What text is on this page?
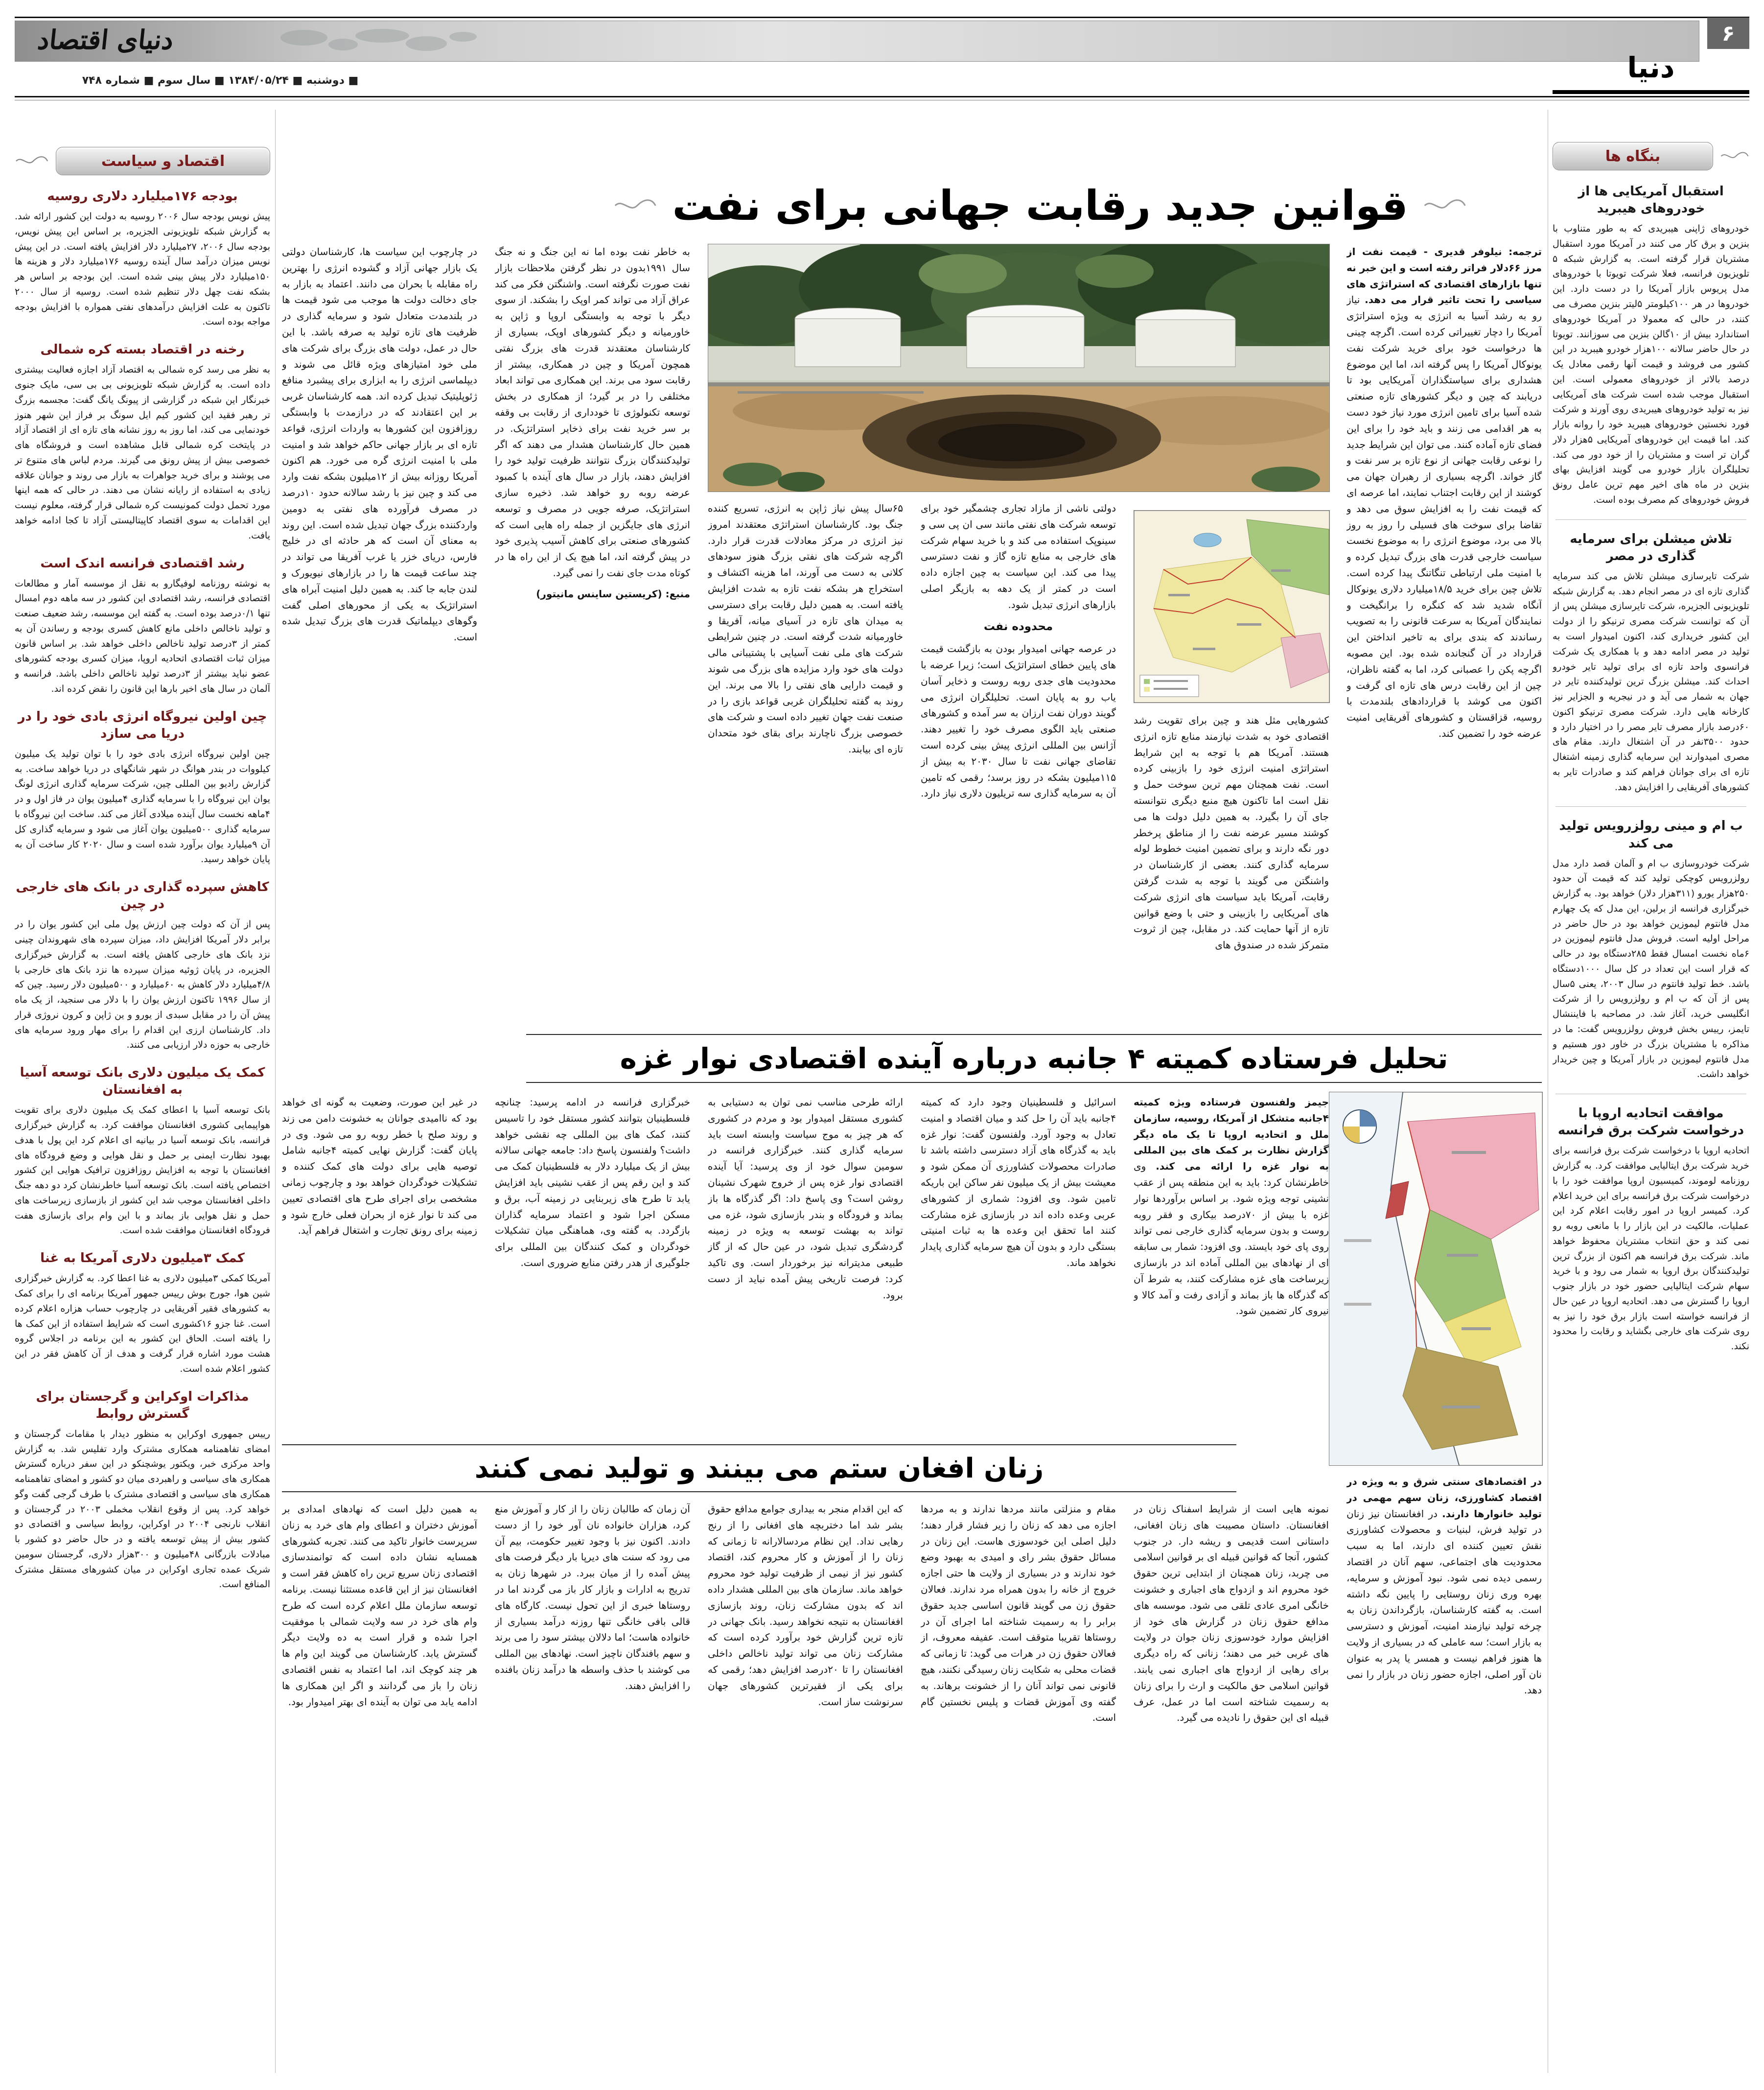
دنیای اقتصاد	۶
دنیا
■ دوشنبه ■ ۱۳۸۴/۰۵/۲۴ ■ سال سوم ■ شماره ۷۴۸
اقتصاد و سیاست
بودجه ۱۷۶میلیارد دلاری روسیه
پیش نویس بودجه سال ۲۰۰۶ روسیه به دولت این کشور ارائه شد. به گزارش شبکه تلویزیونی الجزیره، بر اساس این پیش نویس، بودجه سال ۲۰۰۶، ۲۷میلیارد دلار افزایش یافته است. در این پیش نویس میزان درآمد سال آینده روسیه ۱۷۶میلیارد دلار و هزینه ها ۱۵۰میلیارد دلار پیش بینی شده است. این بودجه بر اساس هر بشکه نفت چهل دلار تنظیم شده است. روسیه از سال ۲۰۰۰ تاکنون به علت افزایش درآمدهای نفتی همواره با افزایش بودجه مواجه بوده است.
رخنه در اقتصاد بسته کره شمالی
به نظر می رسد کره شمالی به اقتصاد آزاد اجازه فعالیت بیشتری داده است. به گزارش شبکه تلویزیونی بی بی سی، مایک جنوی خبرنگار این شبکه در گزارشی از پیونگ یانگ گفت: مجسمه بزرگ تر رهبر فقید این کشور کیم ایل سونگ بر فراز این شهر هنوز خودنمایی می کند، اما روز به روز نشانه های تازه ای از اقتصاد آزاد در پایتخت کره شمالی قابل مشاهده است و فروشگاه های خصوصی بیش از پیش رونق می گیرند. مردم لباس های متنوع تر می پوشند و برای خرید جواهرات به بازار می روند و جوانان علاقه زیادی به استفاده از رایانه نشان می دهند. در حالی که همه اینها مورد تحمل دولت کمونیست کره شمالی قرار گرفته، معلوم نیست این اقدامات به سوی اقتصاد کاپیتالیستی آزاد تا کجا ادامه خواهد یافت.
رشد اقتصادی فرانسه اندک است
به نوشته روزنامه لوفیگارو به نقل از موسسه آمار و مطالعات اقتصادی فرانسه، رشد اقتصادی این کشور در سه ماهه دوم امسال تنها ۰/۱درصد بوده است. به گفته این موسسه، رشد ضعیف صنعت و تولید ناخالص داخلی مانع کاهش کسری بودجه و رساندن آن به کمتر از ۳درصد تولید ناخالص داخلی خواهد شد. بر اساس قانون میزان ثبات اقتصادی اتحادیه اروپا، میزان کسری بودجه کشورهای عضو نباید بیشتر از ۳درصد تولید ناخالص داخلی باشد. فرانسه و آلمان در سال های اخیر بارها این قانون را نقض کرده اند.
چین اولین نیروگاه انرژی بادی خود را در دریا می سازد
چین اولین نیروگاه انرژی بادی خود را با توان تولید یک میلیون کیلووات در بندر هوانگ در شهر شانگهای در دریا خواهد ساخت. به گزارش رادیو بین المللی چین، شرکت سرمایه گذاری انرژی لونگ یوان این نیروگاه را با سرمایه گذاری ۴میلیون یوان در فاز اول و در ۴ماهه نخست سال آینده میلادی آغاز می کند. ساخت این نیروگاه با سرمایه گذاری ۵۰۰میلیون یوان آغاز می شود و سرمایه گذاری کل آن ۹میلیارد یوان برآورد شده است و سال ۲۰۲۰ کار ساخت آن به پایان خواهد رسید.
کاهش سپرده گذاری در بانک های خارجی در چین
پس از آن که دولت چین ارزش پول ملی این کشور یوان را در برابر دلار آمریکا افزایش داد، میزان سپرده های شهروندان چینی نزد بانک های خارجی کاهش یافته است. به گزارش خبرگزاری الجزیره، در پایان ژوئیه میزان سپرده ها نزد بانک های خارجی با ۴/۸میلیارد دلار کاهش به ۶۰میلیارد و ۵۰۰میلیون دلار رسید. چین که از سال ۱۹۹۶ تاکنون ارزش یوان را با دلار می سنجید، از یک ماه پیش آن را در مقابل سبدی از یورو و ین ژاپن و کرون نروژی قرار داد. کارشناسان ارزی این اقدام را برای مهار ورود سرمایه های خارجی به حوزه دلار ارزیابی می کنند.
کمک یک میلیون دلاری بانک توسعه آسیا به افغانستان
بانک توسعه آسیا با اعطای کمک یک میلیون دلاری برای تقویت هواپیمایی کشوری افغانستان موافقت کرد. به گزارش خبرگزاری فرانسه، بانک توسعه آسیا در بیانیه ای اعلام کرد این پول با هدف بهبود نظارت ایمنی بر حمل و نقل هوایی و وضع فرودگاه های افغانستان با توجه به افزایش روزافزون ترافیک هوایی این کشور اختصاص یافته است. بانک توسعه آسیا خاطرنشان کرد دو دهه جنگ داخلی افغانستان موجب شد این کشور از بازسازی زیرساخت های حمل و نقل هوایی باز بماند و با این وام برای بازسازی هفت فرودگاه افغانستان موافقت شده است.
کمک ۳میلیون دلاری آمریکا به غنا
آمریکا کمکی ۳میلیون دلاری به غنا اعطا کرد. به گزارش خبرگزاری شین هوا، جورج بوش رییس جمهور آمریکا برنامه ای را برای کمک به کشورهای فقیر آفریقایی در چارچوب حساب هزاره اعلام کرده است. غنا جزو ۱۶کشوری است که شرایط استفاده از این کمک ها را یافته است. الحاق این کشور به این برنامه در اجلاس گروه هشت مورد اشاره قرار گرفت و هدف از آن کاهش فقر در این کشور اعلام شده است.
مذاکرات اوکراین و گرجستان برای گسترش روابط
رییس جمهوری اوکراین به منظور دیدار با مقامات گرجستان و امضای تفاهمنامه همکاری مشترک وارد تفلیس شد. به گزارش واحد مرکزی خبر، ویکتور یوشچنکو در این سفر درباره گسترش همکاری های سیاسی و راهبردی میان دو کشور و امضای تفاهمنامه همکاری های سیاسی و اقتصادی مشترک با طرف گرجی گفت وگو خواهد کرد. پس از وقوع انقلاب مخملی ۲۰۰۳ در گرجستان و انقلاب نارنجی ۲۰۰۴ در اوکراین، روابط سیاسی و اقتصادی دو کشور بیش از پیش توسعه یافته و در حال حاضر دو کشور با مبادلات بازرگانی ۴۸میلیون و ۳۰۰هزار دلاری، گرجستان سومین شریک عمده تجاری اوکراین در میان کشورهای مستقل مشترک المنافع است.
بنگاه ها
استقبال آمریکایی ها از خودروهای هیبرید
خودروهای ژاپنی هیبریدی که به طور متناوب با بنزین و برق کار می کنند در آمریکا مورد استقبال مشتریان قرار گرفته است. به گزارش شبکه ۵ تلویزیون فرانسه، فعلا شرکت تویوتا با خودروهای مدل پریوس بازار آمریکا را در دست دارد. این خودروها در هر ۱۰۰کیلومتر ۵لیتر بنزین مصرف می کنند، در حالی که معمولا در آمریکا خودروهای استاندارد بیش از ۱۰گالن بنزین می سوزانند. تویوتا در حال حاضر سالانه ۱۰۰هزار خودرو هیبرید در این کشور می فروشد و قیمت آنها رقمی معادل یک درصد بالاتر از خودروهای معمولی است. این استقبال موجب شده است شرکت های آمریکایی نیز به تولید خودروهای هیبریدی روی آورند و شرکت فورد نخستین خودروهای هیبرید خود را روانه بازار کند. اما قیمت این خودروهای آمریکایی ۵هزار دلار گران تر است و مشتریان را از خود دور می کند. تحلیلگران بازار خودرو می گویند افزایش بهای بنزین در ماه های اخیر مهم ترین عامل رونق فروش خودروهای کم مصرف بوده است.
تلاش میشلن برای سرمایه گذاری در مصر
شرکت تایرسازی میشلن تلاش می کند سرمایه گذاری تازه ای در مصر انجام دهد. به گزارش شبکه تلویزیونی الجزیره، شرکت تایرسازی میشلن پس از آن که توانست شرکت مصری ترنیکو را از دولت این کشور خریداری کند، اکنون امیدوار است به تولید در مصر ادامه دهد و با همکاری یک شرکت فرانسوی واحد تازه ای برای تولید تایر خودرو احداث کند. میشلن بزرگ ترین تولیدکننده تایر در جهان به شمار می آید و در نیجریه و الجزایر نیز کارخانه هایی دارد. شرکت مصری ترنیکو اکنون ۶۰درصد بازار مصرف تایر مصر را در اختیار دارد و حدود ۳۵۰۰نفر در آن اشتغال دارند. مقام های مصری امیدوارند این سرمایه گذاری زمینه اشتغال تازه ای برای جوانان فراهم کند و صادرات تایر به کشورهای آفریقایی را افزایش دهد.
ب ام و مینی رولزرویس تولید می کند
شرکت خودروسازی ب ام و آلمان قصد دارد مدل رولزرویس کوچکی تولید کند که قیمت آن حدود ۲۵۰هزار یورو (۳۱۱هزار دلار) خواهد بود. به گزارش خبرگزاری فرانسه از برلین، این مدل که یک چهارم مدل فانتوم لیموزین خواهد بود در حال حاضر در مراحل اولیه است. فروش مدل فانتوم لیموزین در ۶ماه نخست امسال فقط ۲۸۵دستگاه بود در حالی که قرار است این تعداد در کل سال ۱۰۰۰دستگاه باشد. خط تولید فانتوم در سال ۲۰۰۳، یعنی ۵سال پس از آن که ب ام و رولزرویس را از شرکت انگلیسی خرید، آغاز شد. در مصاحبه با فایننشال تایمز، رییس بخش فروش رولزرویس گفت: ما در مذاکره با مشتریان بزرگ در خاور دور هستیم و مدل فانتوم لیموزین در بازار آمریکا و چین خریدار خواهد داشت.
موافقت اتحادیه اروپا با درخواست شرکت برق فرانسه
اتحادیه اروپا با درخواست شرکت برق فرانسه برای خرید شرکت برق ایتالیایی موافقت کرد. به گزارش روزنامه لوموند، کمیسیون اروپا موافقت خود را با درخواست شرکت برق فرانسه برای این خرید اعلام کرد. کمیسر اروپا در امور رقابت اعلام کرد این عملیات، مالکیت در این بازار را با مانعی روبه رو نمی کند و حق انتخاب مشتریان محفوظ خواهد ماند. شرکت برق فرانسه هم اکنون از بزرگ ترین تولیدکنندگان برق اروپا به شمار می رود و با خرید سهام شرکت ایتالیایی حضور خود در بازار جنوب اروپا را گسترش می دهد. اتحادیه اروپا در عین حال از فرانسه خواسته است بازار برق خود را نیز به روی شرکت های خارجی بگشاید و رقابت را محدود نکند.
قوانین جدید رقابت جهانی برای نفت
ترجمه: نیلوفر قدیری - قیمت نفت از مرز ۶۶دلار فراتر رفته است و این خبر نه تنها بازارهای اقتصادی که استراتژی های سیاسی را تحت تاثیر قرار می دهد. نیاز رو به رشد آسیا به انرژی به ویژه استراتژی آمریکا را دچار تغییراتی کرده است. اگرچه چینی ها درخواست خود برای خرید شرکت نفت یونوکال آمریکا را پس گرفته اند، اما این موضوع هشداری برای سیاستگذاران آمریکایی بود تا دریابند که چین و دیگر کشورهای تازه صنعتی شده آسیا برای تامین انرژی مورد نیاز خود دست به هر اقدامی می زنند و باید خود را برای این فضای تازه آماده کنند. می توان این شرایط جدید را نوعی رقابت جهانی از نوع تازه بر سر نفت و گاز خواند. اگرچه بسیاری از رهبران جهان می کوشند از این رقابت اجتناب نمایند، اما عرصه ای که قیمت نفت را به افزایش سوق می دهد و تقاضا برای سوخت های فسیلی را روز به روز بالا می برد، موضوع انرژی را به موضوع نخست سیاست خارجی قدرت های بزرگ تبدیل کرده و با امنیت ملی ارتباطی تنگاتنگ پیدا کرده است. تلاش چین برای خرید ۱۸/۵میلیارد دلاری یونوکال آنگاه شدید شد که کنگره را برانگیخت و نمایندگان آمریکا به سرعت قانونی را به تصویب رساندند که بندی برای به تاخیر انداختن این قرارداد در آن گنجانده شده بود. این مصوبه اگرچه پکن را عصبانی کرد، اما به گفته ناظران، چین از این رقابت درس های تازه ای گرفت و اکنون می کوشد با قراردادهای بلندمدت با روسیه، قزاقستان و کشورهای آفریقایی امنیت عرضه خود را تضمین کند.

کشورهایی مثل هند و چین برای تقویت رشد اقتصادی خود به شدت نیازمند منابع تازه انرژی هستند. آمریکا هم با توجه به این شرایط استراتژی امنیت انرژی خود را بازبینی کرده است. نفت همچنان مهم ترین سوخت حمل و نقل است اما تاکنون هیچ منبع دیگری نتوانسته جای آن را بگیرد. به همین دلیل دولت ها می کوشند مسیر عرضه نفت را از مناطق پرخطر دور نگه دارند و برای تضمین امنیت خطوط لوله سرمایه گذاری کنند. بعضی از کارشناسان در واشنگتن می گویند با توجه به شدت گرفتن رقابت، آمریکا باید سیاست های انرژی شرکت های آمریکایی را بازبینی و حتی با وضع قوانین تازه از آنها حمایت کند. در مقابل، چین از ثروت متمرکز شده در صندوق های

دولتی ناشی از مازاد تجاری چشمگیر خود برای توسعه شرکت های نفتی مانند سی ان پی سی و سینوپک استفاده می کند و با خرید سهام شرکت های خارجی به منابع تازه گاز و نفت دسترسی پیدا می کند. این سیاست به چین اجازه داده است در کمتر از یک دهه به بازیگر اصلی بازارهای انرژی تبدیل شود.

محدوده نفت

در عرصه جهانی امیدوار بودن به بازگشت قیمت های پایین خطای استراتژیک است؛ زیرا عرضه با محدودیت های جدی روبه روست و ذخایر آسان یاب رو به پایان است. تحلیلگران انرژی می گویند دوران نفت ارزان به سر آمده و کشورهای صنعتی باید الگوی مصرف خود را تغییر دهند. آژانس بین المللی انرژی پیش بینی کرده است تقاضای جهانی نفت تا سال ۲۰۳۰ به بیش از ۱۱۵میلیون بشکه در روز برسد؛ رقمی که تامین آن به سرمایه گذاری سه تریلیون دلاری نیاز دارد.

۶۵سال پیش نیاز ژاپن به انرژی، تسریع کننده جنگ بود. کارشناسان استراتژی معتقدند امروز نیز انرژی در مرکز معادلات قدرت قرار دارد. اگرچه شرکت های نفتی بزرگ هنوز سودهای کلانی به دست می آورند، اما هزینه اکتشاف و استخراج هر بشکه نفت تازه به شدت افزایش یافته است. به همین دلیل رقابت برای دسترسی به میدان های تازه در آسیای میانه، آفریقا و خاورمیانه شدت گرفته است. در چنین شرایطی شرکت های ملی نفت آسیایی با پشتیبانی مالی دولت های خود وارد مزایده های بزرگ می شوند و قیمت دارایی های نفتی را بالا می برند. این روند به گفته تحلیلگران غربی قواعد بازی را در صنعت نفت جهان تغییر داده است و شرکت های خصوصی بزرگ ناچارند برای بقای خود متحدان تازه ای بیابند.

به خاطر نفت بوده اما نه این جنگ و نه جنگ سال ۱۹۹۱بدون در نظر گرفتن ملاحظات بازار نفت صورت نگرفته است. واشنگتن فکر می کند عراق آزاد می تواند کمر اوپک را بشکند. از سوی دیگر با توجه به وابستگی اروپا و ژاپن به خاورمیانه و دیگر کشورهای اوپک، بسیاری از کارشناسان معتقدند قدرت های بزرگ نفتی همچون آمریکا و چین در همکاری، بیشتر از رقابت سود می برند. این همکاری می تواند ابعاد مختلفی را در بر گیرد؛ از همکاری در بخش توسعه تکنولوژی تا خودداری از رقابت بی وقفه بر سر خرید نفت برای ذخایر استراتژیک. در همین حال کارشناسان هشدار می دهند که اگر تولیدکنندگان بزرگ نتوانند ظرفیت تولید خود را افزایش دهند، بازار در سال های آینده با کمبود عرضه روبه رو خواهد شد. ذخیره سازی استراتژیک، صرفه جویی در مصرف و توسعه انرژی های جایگزین از جمله راه هایی است که کشورهای صنعتی برای کاهش آسیب پذیری خود در پیش گرفته اند، اما هیچ یک از این راه ها در کوتاه مدت جای نفت را نمی گیرد.

منبع: (کریستین ساینس مانیتور)

در چارچوب این سیاست ها، کارشناسان دولتی یک بازار جهانی آزاد و گشوده انرژی را بهترین راه مقابله با بحران می دانند. اعتماد به بازار به جای دخالت دولت ها موجب می شود قیمت ها در بلندمدت متعادل شود و سرمایه گذاری در ظرفیت های تازه تولید به صرفه باشد. با این حال در عمل، دولت های بزرگ برای شرکت های ملی خود امتیازهای ویژه قائل می شوند و دیپلماسی انرژی را به ابزاری برای پیشبرد منافع ژئوپلیتیک تبدیل کرده اند. همه کارشناسان غربی بر این اعتقادند که در درازمدت با وابستگی روزافزون این کشورها به واردات انرژی، قواعد تازه ای بر بازار جهانی حاکم خواهد شد و امنیت ملی با امنیت انرژی گره می خورد. هم اکنون آمریکا روزانه بیش از ۱۲میلیون بشکه نفت وارد می کند و چین نیز با رشد سالانه حدود ۱۰درصد در مصرف فرآورده های نفتی به دومین واردکننده بزرگ جهان تبدیل شده است. این روند به معنای آن است که هر حادثه ای در خلیج فارس، دریای خزر یا غرب آفریقا می تواند در چند ساعت قیمت ها را در بازارهای نیویورک و لندن جابه جا کند. به همین دلیل امنیت آبراه های استراتژیک به یکی از محورهای اصلی گفت وگوهای دیپلماتیک قدرت های بزرگ تبدیل شده است.

تحلیل فرستاده کمیته ۴ جانبه درباره آینده اقتصادی نوار غزه
جیمز ولفنسون فرستاده ویژه کمیته ۴جانبه متشکل از آمریکا، روسیه، سازمان ملل و اتحادیه اروپا تا یک ماه دیگر گزارش نظارت بر کمک های بین المللی به نوار غزه را ارائه می کند. وی خاطرنشان کرد: باید به این منطقه پس از عقب نشینی توجه ویژه شود. بر اساس برآوردها نوار غزه با بیش از ۷۰درصد بیکاری و فقر روبه روست و بدون سرمایه گذاری خارجی نمی تواند روی پای خود بایستد. وی افزود: شمار بی سابقه ای از نهادهای بین المللی آماده اند در بازسازی زیرساخت های غزه مشارکت کنند، به شرط آن که گذرگاه ها باز بماند و آزادی رفت و آمد کالا و نیروی کار تضمین شود.

اسرائیل و فلسطینیان وجود دارد که کمیته ۴جانبه باید آن را حل کند و میان اقتصاد و امنیت تعادل به وجود آورد. ولفنسون گفت: نوار غزه باید به گذرگاه های آزاد دسترسی داشته باشد تا صادرات محصولات کشاورزی آن ممکن شود و معیشت بیش از یک میلیون نفر ساکن این باریکه تامین شود. وی افزود: شماری از کشورهای عربی وعده داده اند در بازسازی غزه مشارکت کنند اما تحقق این وعده ها به ثبات امنیتی بستگی دارد و بدون آن هیچ سرمایه گذاری پایدار نخواهد ماند.

ارائه طرحی مناسب نمی توان به دستیابی به کشوری مستقل امیدوار بود و مردم در کشوری که هر چیز به موج سیاست وابسته است باید سرمایه گذاری کنند. خبرگزاری فرانسه در سومین سوال خود از وی پرسید: آیا آینده اقتصادی نوار غزه پس از خروج شهرک نشینان روشن است؟ وی پاسخ داد: اگر گذرگاه ها باز بماند و فرودگاه و بندر بازسازی شود، غزه می تواند به بهشت توسعه به ویژه در زمینه گردشگری تبدیل شود، در عین حال که از گاز طبیعی مدیترانه نیز برخوردار است. وی تاکید کرد: فرصت تاریخی پیش آمده نباید از دست برود.

خبرگزاری فرانسه در ادامه پرسید: چنانچه فلسطینیان بتوانند کشور مستقل خود را تاسیس کنند، کمک های بین المللی چه نقشی خواهد داشت؟ ولفنسون پاسخ داد: جامعه جهانی سالانه بیش از یک میلیارد دلار به فلسطینیان کمک می کند و این رقم پس از عقب نشینی باید افزایش یابد تا طرح های زیربنایی در زمینه آب، برق و مسکن اجرا شود و اعتماد سرمایه گذاران بازگردد. به گفته وی، هماهنگی میان تشکیلات خودگردان و کمک کنندگان بین المللی برای جلوگیری از هدر رفتن منابع ضروری است.

در غیر این صورت، وضعیت به گونه ای خواهد بود که ناامیدی جوانان به خشونت دامن می زند و روند صلح با خطر روبه رو می شود. وی در پایان گفت: گزارش نهایی کمیته ۴جانبه شامل توصیه هایی برای دولت های کمک کننده و تشکیلات خودگردان خواهد بود و چارچوب زمانی مشخصی برای اجرای طرح های اقتصادی تعیین می کند تا نوار غزه از بحران فعلی خارج شود و زمینه برای رونق تجارت و اشتغال فراهم آید.

زنان افغان ستم می بینند و تولید نمی کنند	در اقتصادهای سنتی شرق و به ویژه در اقتصاد کشاورزی، زنان سهم مهمی در تولید خانوارها دارند. در افغانستان نیز زنان در تولید فرش، لبنیات و محصولات کشاورزی نقش تعیین کننده ای دارند، اما به سبب محدودیت های اجتماعی، سهم آنان در اقتصاد رسمی دیده نمی شود. نبود آموزش و سرمایه، بهره وری زنان روستایی را پایین نگه داشته است. به گفته کارشناسان، بازگرداندن زنان به چرخه تولید نیازمند امنیت، آموزش و دسترسی به بازار است؛ سه عاملی که در بسیاری از ولایت ها هنوز فراهم نیست و همسر یا پدر به عنوان نان آور اصلی، اجازه حضور زنان در بازار را نمی دهد.

نمونه هایی است از شرایط اسفناک زنان در افغانستان. داستان مصیبت های زنان افغانی، داستانی است قدیمی و ریشه دار. در جنوب کشور، آنجا که قوانین قبیله ای بر قوانین اسلامی می چربد، زنان همچنان از ابتدایی ترین حقوق خود محروم اند و ازدواج های اجباری و خشونت خانگی امری عادی تلقی می شود. موسسه های مدافع حقوق زنان در گزارش های خود از افزایش موارد خودسوزی زنان جوان در ولایت های غربی خبر می دهند؛ زنانی که راه دیگری برای رهایی از ازدواج های اجباری نمی یابند. قوانین اسلامی حق مالکیت و ارث را برای زنان به رسمیت شناخته است اما در عمل، عرف قبیله ای این حقوق را نادیده می گیرد.

مقام و منزلتی مانند مردها ندارند و به مردها اجازه می دهد که زنان را زیر فشار قرار دهند؛ دلیل اصلی این خودسوزی هاست. این زنان در مسائل حقوق بشر رای و امیدی به بهبود وضع خود ندارند و در بسیاری از ولایت ها حتی اجازه خروج از خانه را بدون همراه مرد ندارند. فعالان حقوق زن می گویند قانون اساسی جدید حقوق برابر را به رسمیت شناخته اما اجرای آن در روستاها تقریبا متوقف است. عفیفه معروف، از فعالان حقوق زن در هرات می گوید: تا زمانی که قضات محلی به شکایت زنان رسیدگی نکنند، هیچ قانونی نمی تواند آنان را از خشونت برهاند. به گفته وی آموزش قضات و پلیس نخستین گام است.

که این اقدام منجر به بیداری جوامع مدافع حقوق بشر شد اما دختربچه های افغانی را از رنج رهایی نداد. این نظام مردسالارانه تا زمانی که زنان را از آموزش و کار محروم کند، اقتصاد کشور نیز از نیمی از ظرفیت تولید خود محروم خواهد ماند. سازمان های بین المللی هشدار داده اند که بدون مشارکت زنان، روند بازسازی افغانستان به نتیجه نخواهد رسید. بانک جهانی در تازه ترین گزارش خود برآورد کرده است که مشارکت زنان می تواند تولید ناخالص داخلی افغانستان را تا ۲۰درصد افزایش دهد؛ رقمی که برای یکی از فقیرترین کشورهای جهان سرنوشت ساز است.

آن زمان که طالبان زنان را از کار و آموزش منع کرد، هزاران خانواده نان آور خود را از دست دادند. اکنون نیز با وجود تغییر حکومت، بیم آن می رود که سنت های دیرپا بار دیگر فرصت های پیش آمده را از میان ببرد. در شهرها زنان به تدریج به ادارات و بازار کار باز می گردند اما در روستاها خبری از این تحول نیست. کارگاه های قالی بافی خانگی تنها روزنه درآمد بسیاری از خانواده هاست؛ اما دلالان بیشتر سود را می برند و سهم بافندگان ناچیز است. نهادهای بین المللی می کوشند با حذف واسطه ها درآمد زنان بافنده را افزایش دهند.

به همین دلیل است که نهادهای امدادی بر آموزش دختران و اعطای وام های خرد به زنان سرپرست خانوار تاکید می کنند. تجربه کشورهای همسایه نشان داده است که توانمندسازی اقتصادی زنان سریع ترین راه کاهش فقر است و افغانستان نیز از این قاعده مستثنا نیست. برنامه توسعه سازمان ملل اعلام کرده است که طرح وام های خرد در سه ولایت شمالی با موفقیت اجرا شده و قرار است به ده ولایت دیگر گسترش یابد. کارشناسان می گویند این وام ها هر چند کوچک اند، اما اعتماد به نفس اقتصادی زنان را باز می گردانند و اگر این همکاری ها ادامه یابد می توان به آینده ای بهتر امیدوار بود.
